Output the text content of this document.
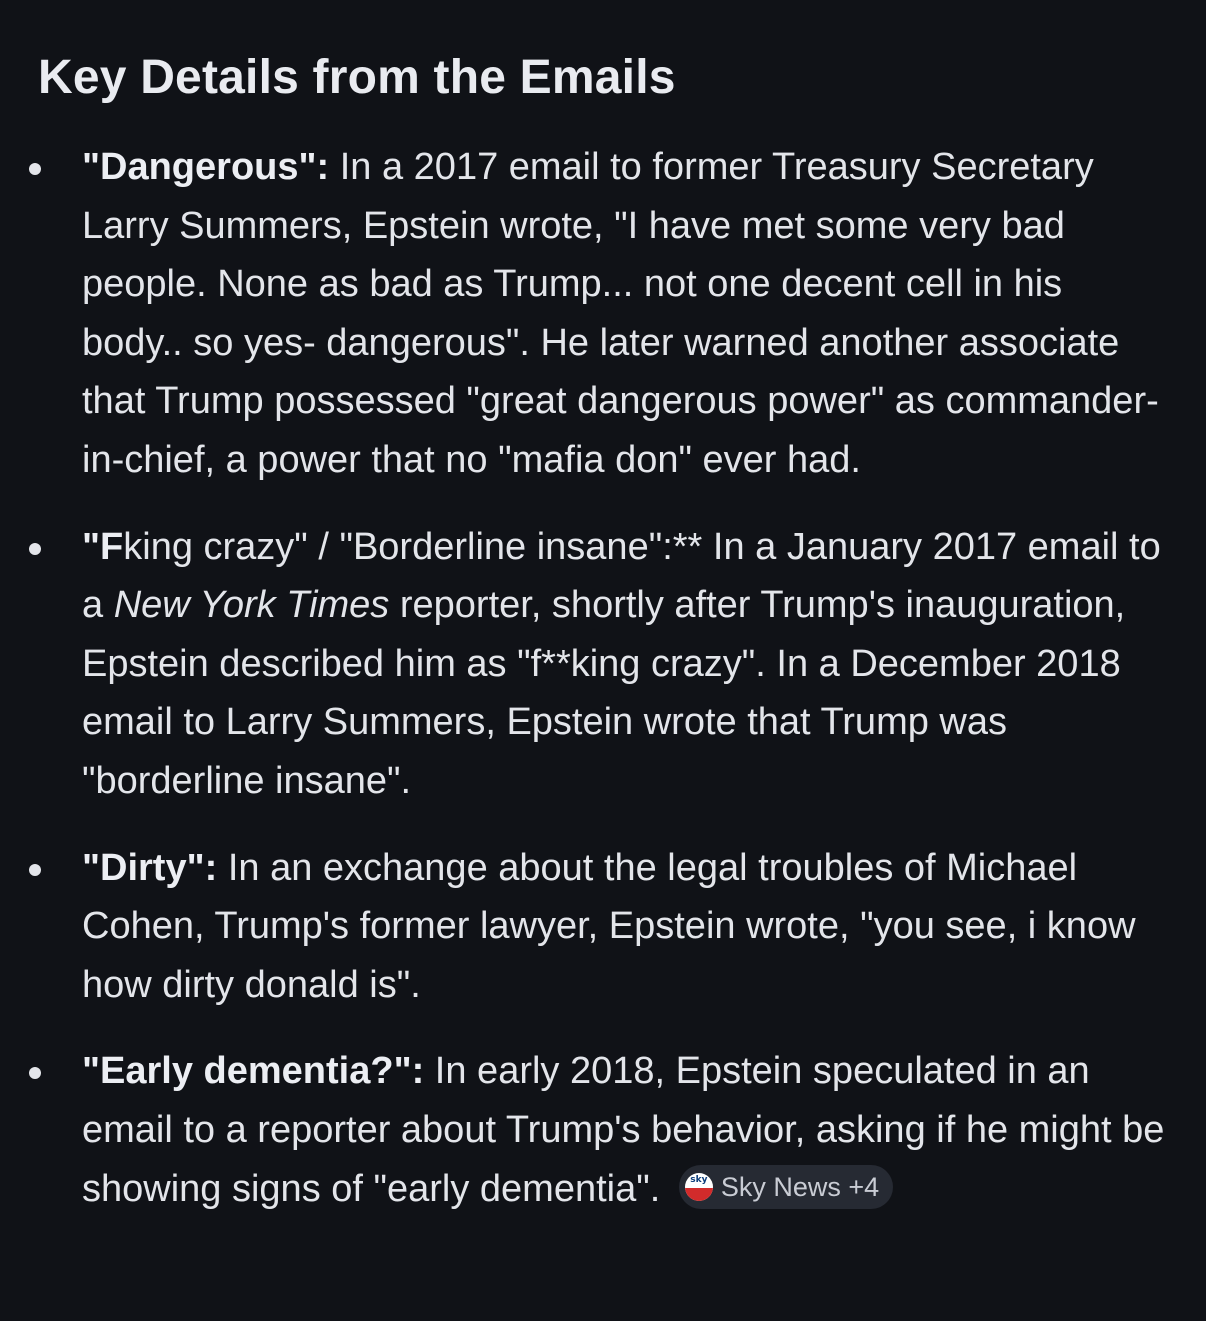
Key Details from the Emails
"Dangerous": In a 2017 email to former Treasury Secretary Larry Summers, Epstein wrote, "I have met some very bad people. None as bad as Trump... not one decent cell in his body.. so yes- dangerous". He later warned another associate that Trump possessed "great dangerous power" as commander-in-chief, a power that no "mafia don" ever had.
"Fking crazy" / "Borderline insane":** In a January 2017 email to a New York Times reporter, shortly after Trump's inauguration, Epstein described him as "f**king crazy". In a December 2018 email to Larry Summers, Epstein wrote that Trump was "borderline insane".
"Dirty": In an exchange about the legal troubles of Michael Cohen, Trump's former lawyer, Epstein wrote, "you see, i know how dirty donald is".
"Early dementia?": In early 2018, Epstein speculated in an email to a reporter about Trump's behavior, asking if he might be showing signs of "early dementia".	sky Sky News +4
